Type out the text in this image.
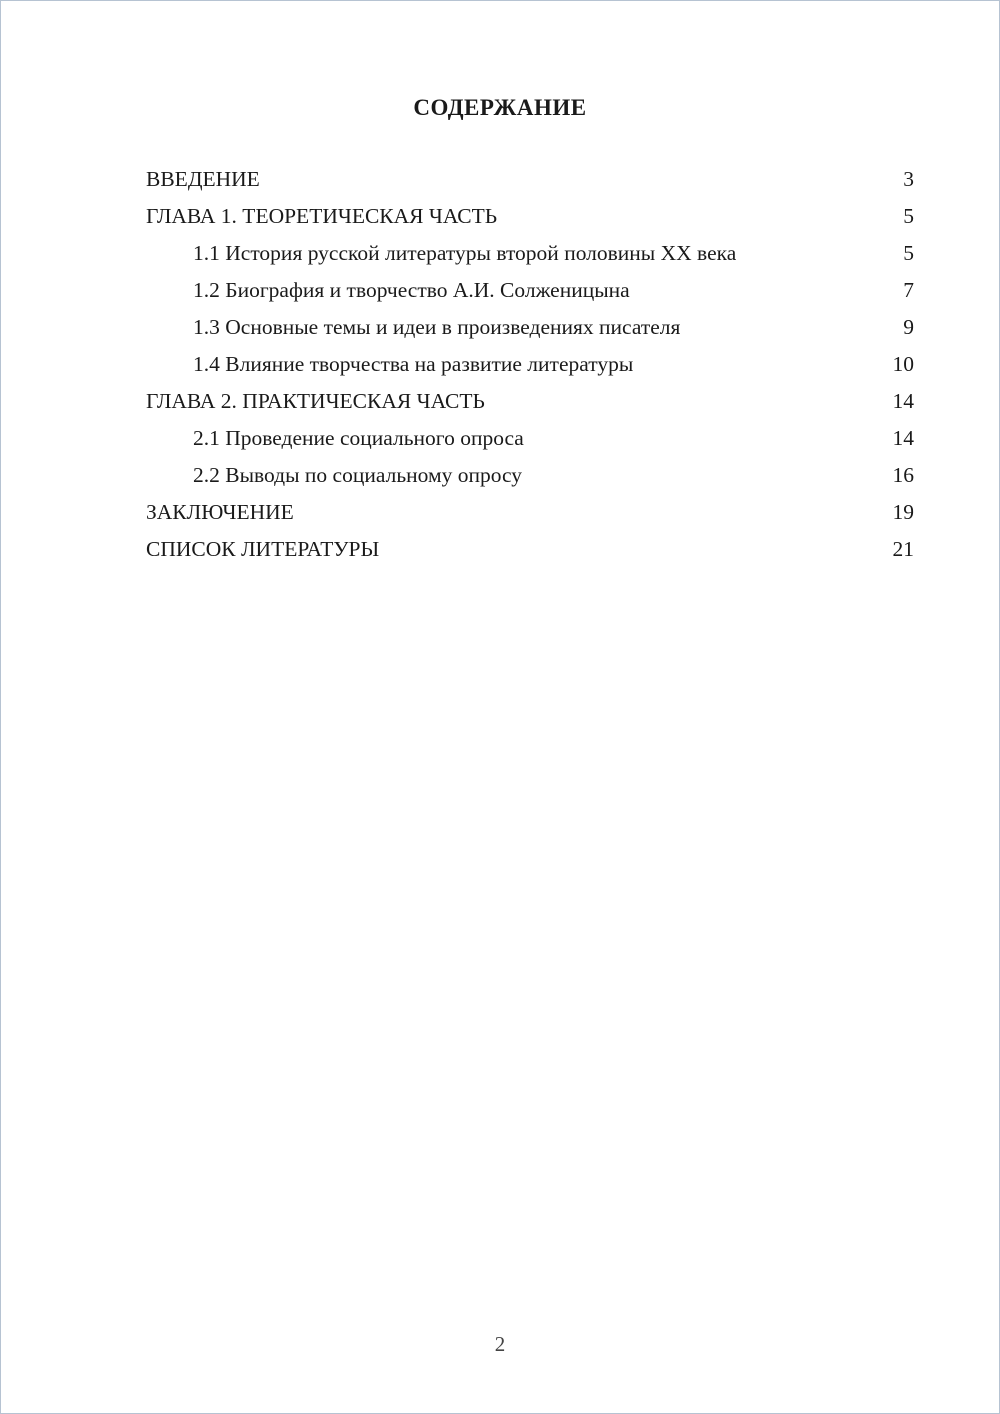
СОДЕРЖАНИЕ
ВВЕДЕНИЕ	3
ГЛАВА 1. ТЕОРЕТИЧЕСКАЯ ЧАСТЬ	5
1.1 История русской литературы второй половины XX века	5
1.2 Биография и творчество А.И. Солженицына	7
1.3 Основные темы и идеи в произведениях писателя	9
1.4 Влияние творчества на развитие литературы	10
ГЛАВА 2. ПРАКТИЧЕСКАЯ ЧАСТЬ	14
2.1 Проведение социального опроса	14
2.2 Выводы по социальному опросу	16
ЗАКЛЮЧЕНИЕ	19
СПИСОК ЛИТЕРАТУРЫ	21
2
